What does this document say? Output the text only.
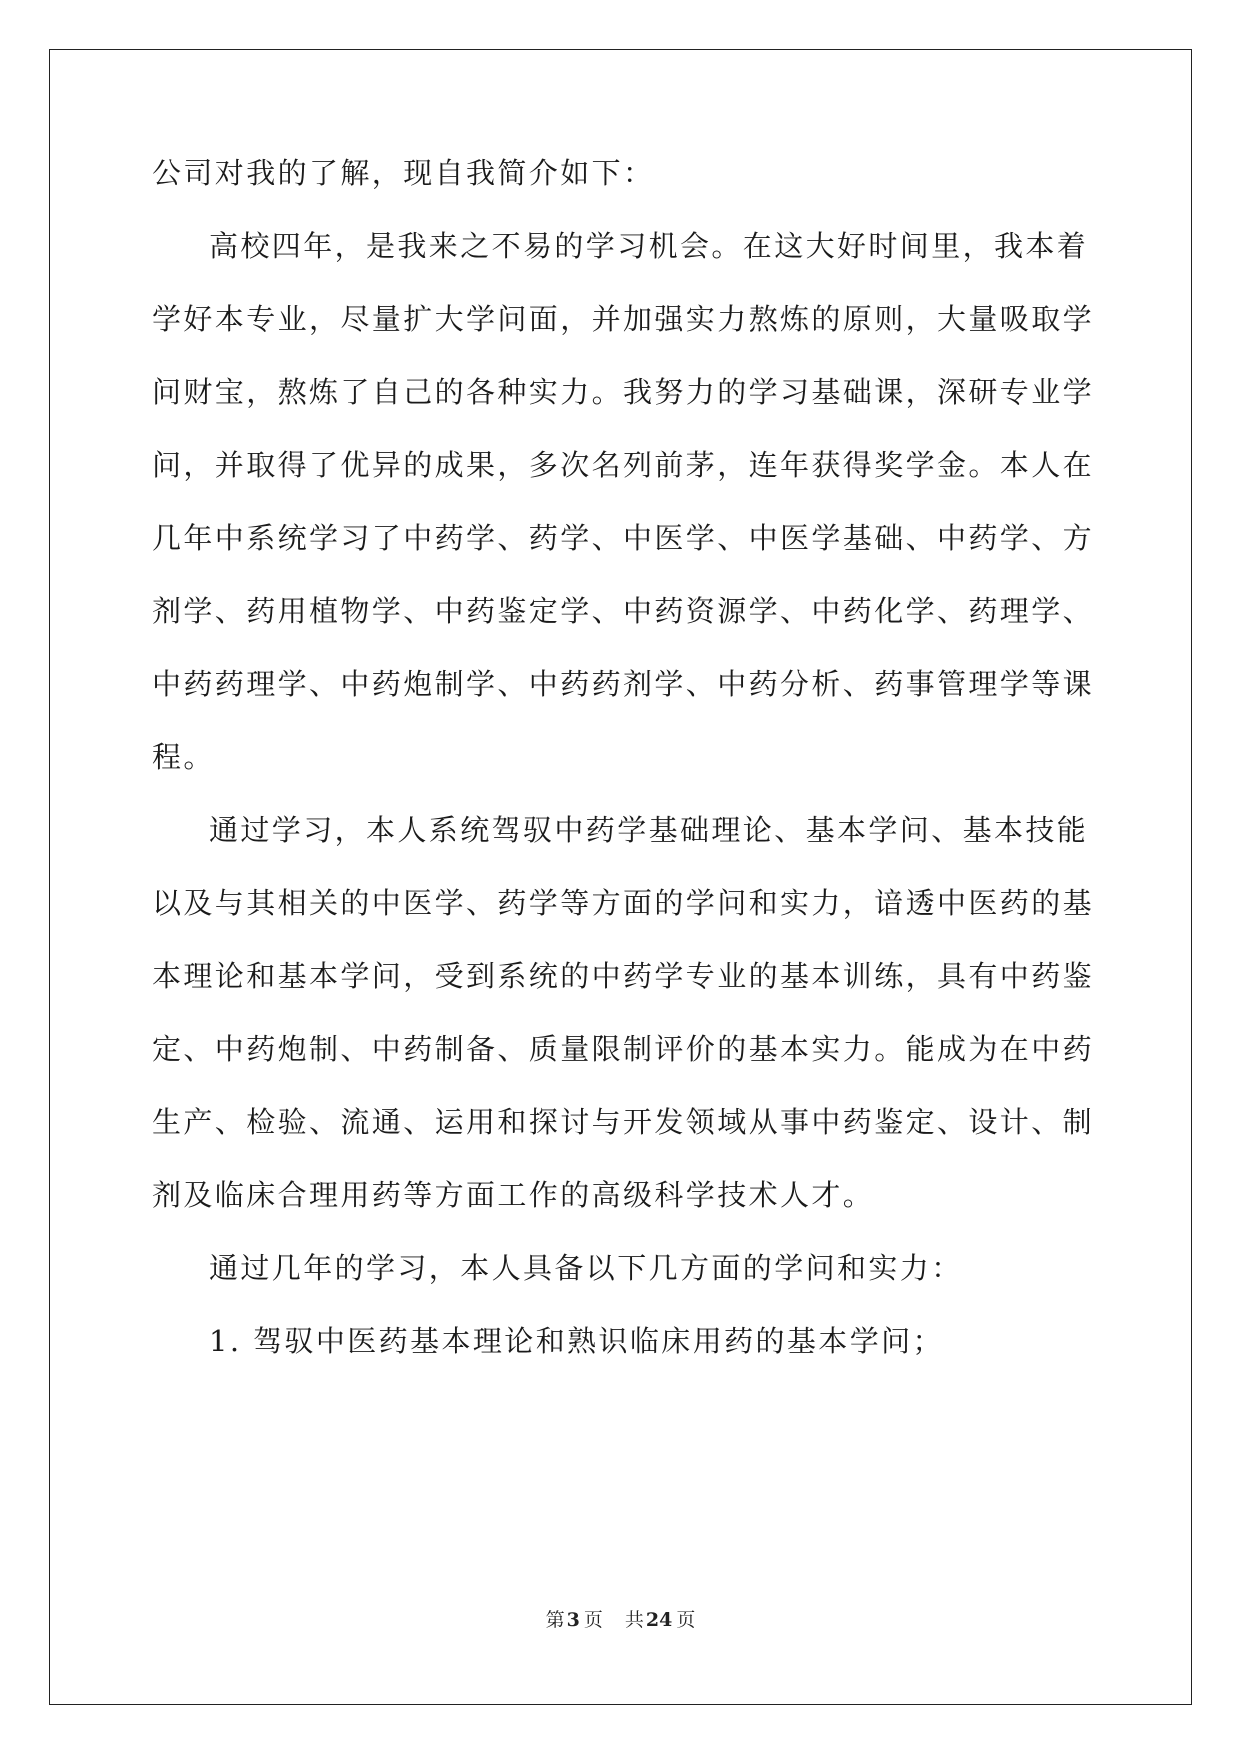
公司对我的了解，现自我简介如下：
高校四年，是我来之不易的学习机会。在这大好时间里，我本着
学好本专业，尽量扩大学问面，并加强实力熬炼的原则，大量吸取学
问财宝，熬炼了自己的各种实力。我努力的学习基础课，深研专业学
问，并取得了优异的成果，多次名列前茅，连年获得奖学金。本人在
几年中系统学习了中药学、药学、中医学、中医学基础、中药学、方
剂学、药用植物学、中药鉴定学、中药资源学、中药化学、药理学、
中药药理学、中药炮制学、中药药剂学、中药分析、药事管理学等课
程。
通过学习，本人系统驾驭中药学基础理论、基本学问、基本技能
以及与其相关的中医学、药学等方面的学问和实力，谙透中医药的基
本理论和基本学问，受到系统的中药学专业的基本训练，具有中药鉴
定、中药炮制、中药制备、质量限制评价的基本实力。能成为在中药
生产、检验、流通、运用和探讨与开发领域从事中药鉴定、设计、制
剂及临床合理用药等方面工作的高级科学技术人才。
通过几年的学习，本人具备以下几方面的学问和实力：
1. 驾驭中医药基本理论和熟识临床用药的基本学问；
第 3 页 共 24 页
